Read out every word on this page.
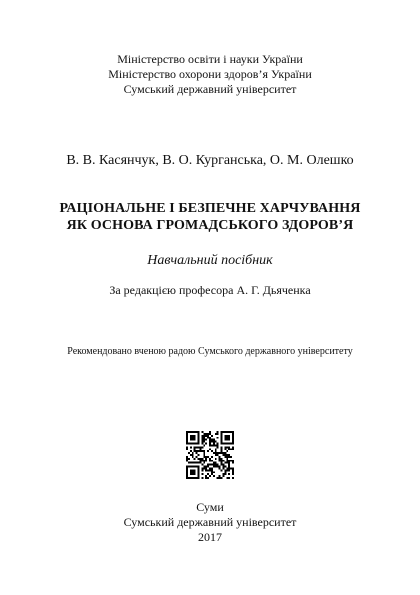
Міністерство освіти і науки України
Міністерство охорони здоров’я України
Сумський державний університет
В. В. Касянчук, В. О. Курганська, О. М. Олешко
РАЦІОНАЛЬНЕ І БЕЗПЕЧНЕ ХАРЧУВАННЯ
ЯК ОСНОВА ГРОМАДСЬКОГО ЗДОРОВ’Я
Навчальний посібник
За редакцією професора А. Г. Дьяченка
Рекомендовано вченою радою Сумського державного університету
Суми
Сумський державний університет
2017
